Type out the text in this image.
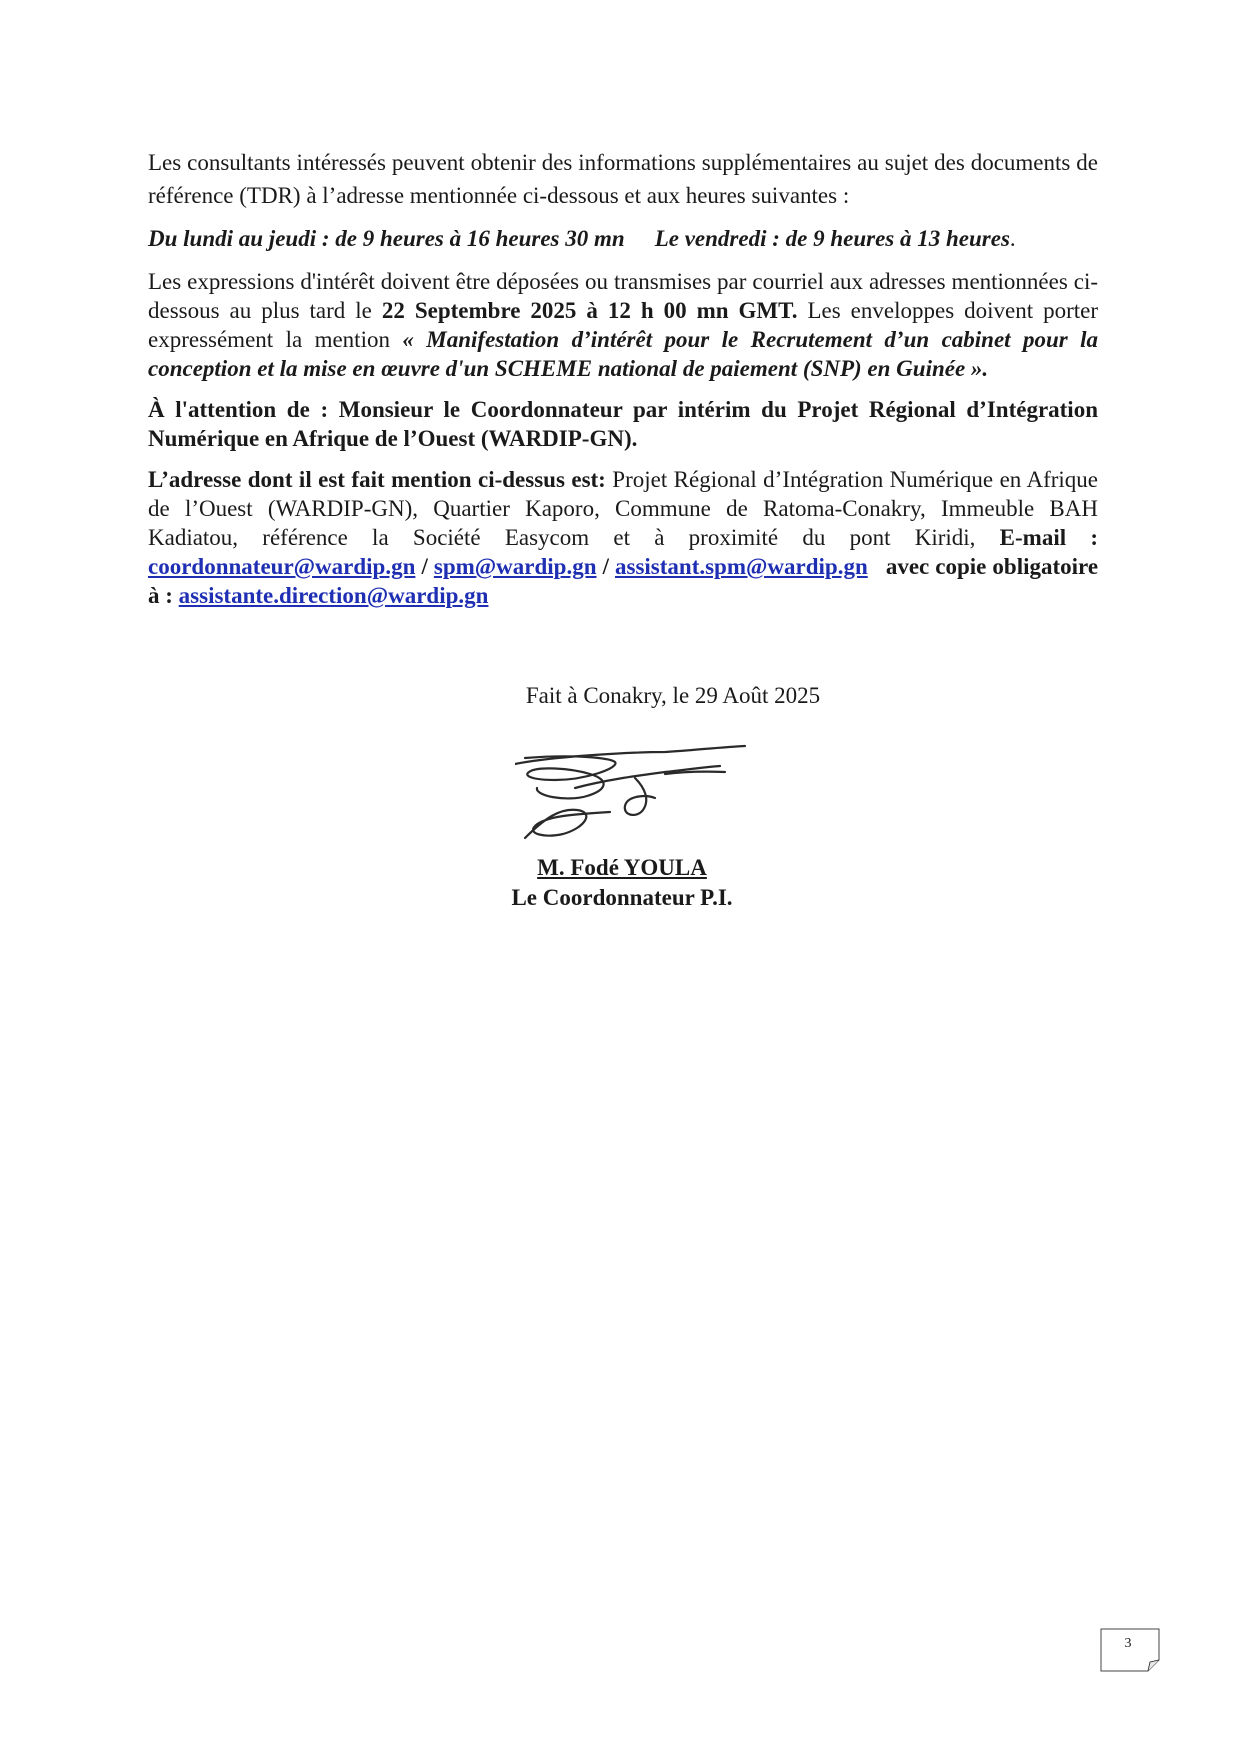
Les consultants intéressés peuvent obtenir des informations supplémentaires au sujet des documents de référence (TDR) à l’adresse mentionnée ci-dessous et aux heures suivantes :

Du lundi au jeudi : de 9 heures à 16 heures 30 mn Le vendredi : de 9 heures à 13 heures.

Les expressions d'intérêt doivent être déposées ou transmises par courriel aux adresses mentionnées ci-dessous au plus tard le 22 Septembre 2025 à 12 h 00 mn GMT. Les enveloppes doivent porter expressément la mention « Manifestation d’intérêt pour le Recrutement d’un cabinet pour la conception et la mise en œuvre d'un SCHEME national de paiement (SNP) en Guinée ».

À l'attention de : Monsieur le Coordonnateur par intérim du Projet Régional d’Intégration Numérique en Afrique de l’Ouest (WARDIP-GN).

L’adresse dont il est fait mention ci-dessus est: Projet Régional d’Intégration Numérique en Afrique de l’Ouest (WARDIP-GN), Quartier Kaporo, Commune de Ratoma-Conakry, Immeuble BAH Kadiatou, référence la Société Easycom et à proximité du pont Kiridi, E-mail : coordonnateur@wardip.gn / spm@wardip.gn / assistant.spm@wardip.gn avec copie obligatoire à : assistante.direction@wardip.gn

Fait à Conakry, le 29 Août 2025
M. Fodé YOULA
Le Coordonnateur P.I.
3
